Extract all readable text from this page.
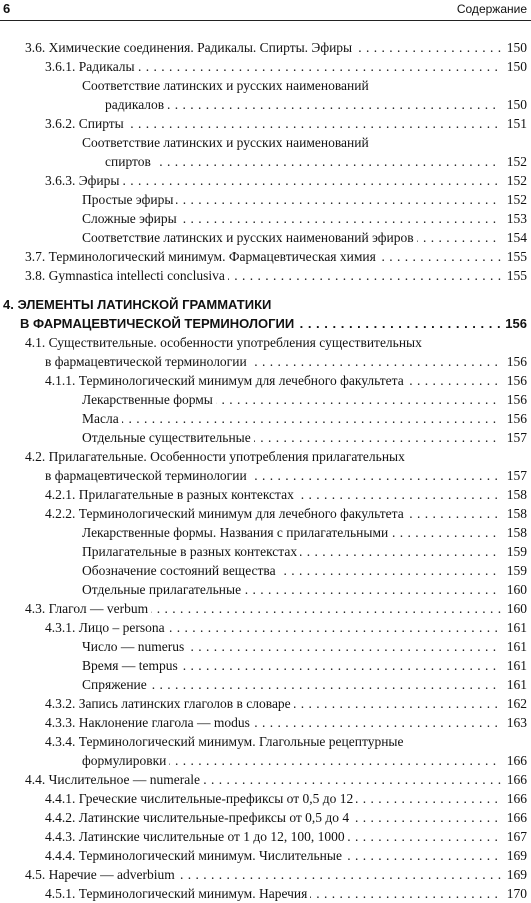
6	Содержание
3.6. Химические соединения. Радикалы. Спирты. Эфиры . . .	150
3.6.1. Радикалы . . .	150
Соответствие латинских и русских наименований
радикалов . . .	150
3.6.2. Спирты . . .	151
Соответствие латинских и русских наименований
спиртов . . .	152
3.6.3. Эфиры . . .	152
Простые эфиры . . .	152
Сложные эфиры . . .	153
Соответствие латинских и русских наименований эфиров . . .	154
3.7. Терминологический минимум. Фармацевтическая химия . . .	155
3.8. Gymnastica intellecti conclusiva . . .	155
4. ЭЛЕМЕНТЫ ЛАТИНСКОЙ ГРАММАТИКИ
В ФАРМАЦЕВТИЧЕСКОЙ ТЕРМИНОЛОГИИ . . .	156
4.1. Существительные. особенности употребления существительных
в фармацевтической терминологии . . .	156
4.1.1. Терминологический минимум для лечебного факультета . . .	156
Лекарственные формы . . .	156
Масла . . .	156
Отдельные существительные . . .	157
4.2. Прилагательные. Особенности употребления прилагательных
в фармацевтической терминологии . . .	157
4.2.1. Прилагательные в разных контекстах . . .	158
4.2.2. Терминологический минимум для лечебного факультета . . .	158
Лекарственные формы. Названия с прилагательными . . .	158
Прилагательные в разных контекстах . . .	159
Обозначение состояний вещества . . .	159
Отдельные прилагательные . . .	160
4.3. Глагол — verbum . . .	160
4.3.1. Лицо – persona . . .	161
Число — numerus . . .	161
Время — tempus . . .	161
Спряжение . . .	161
4.3.2. Запись латинских глаголов в словаре . . .	162
4.3.3. Наклонение глагола — modus . . .	163
4.3.4. Терминологический минимум. Глагольные рецептурные
формулировки . . .	166
4.4. Числительное — numerale . . .	166
4.4.1. Греческие числительные-префиксы от 0,5 до 12 . . .	166
4.4.2. Латинские числительные-префиксы от 0,5 до 4 . . .	166
4.4.3. Латинские числительные от 1 до 12, 100, 1000 . . .	167
4.4.4. Терминологический минимум. Числительные . . .	169
4.5. Наречие — adverbium . . .	169
4.5.1. Терминологический минимум. Наречия . . .	170
